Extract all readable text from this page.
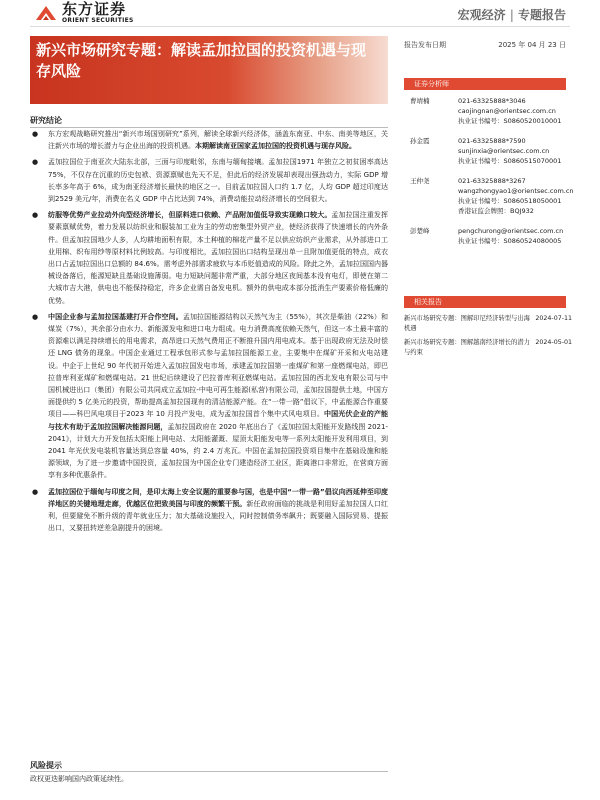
东方证券
ORIENT SECURITIES	宏观经济 | 专题报告
新兴市场研究专题：解读孟加拉国的投资机遇与现存风险
报告发布日期	2025 年 04 月 23 日
证券分析师
曹靖楠	021-63325888*3046
caojingnan@orientsec.com.cn
执业证书编号：S0860520010001
孙金霞	021-63325888*7590
sunjinxia@orientsec.com.cn
执业证书编号：S0860515070001
王仲尧	021-63325888*3267
wangzhongyao1@orientsec.com.cn
执业证书编号：S0860518050001
香港证监会牌照：BQJ932
彭楚峰	pengchurong@orientsec.com.cn
执业证书编号：S0860524080005
相关报告
新兴市场研究专题：图解印尼经济转型与出海机遇
2024-07-11
新兴市场研究专题：图解越南经济增长的潜力与约束
2024-05-01
研究结论
● 东方宏观战略研究推出“新兴市场国别研究”系列，解读全球新兴经济体，涵盖东南亚、中东、南美等地区，关注新兴市场的增长潜力与企业出海的投资机遇。本期解读南亚国家孟加拉国的投资机遇与现存风险。
● 孟加拉国位于南亚次大陆东北部，三面与印度毗邻，东南与缅甸接壤。孟加拉国1971 年独立之初贫困率高达 75%，不仅存在沉重的历史包袱、资源禀赋也先天不足，但此后的经济发展却表现出强劲动力，实际 GDP 增长率多年高于 6%，成为南亚经济增长最快的地区之一。目前孟加拉国人口约 1.7 亿，人均 GDP 超过印度达到2529 美元/年，消费在名义 GDP 中占比达到 74%，消费动能拉动经济增长的空间很大。
● 纺服等优势产业拉动外向型经济增长，但原料进口依赖、产品附加值低导致实现赖口较大。孟加拉国注重发挥要素禀赋优势，着力发展以纺织业和服装加工业为主的劳动密集型外贸产业，使经济获得了快速增长的内外条件。但孟加拉国地少人多，人均耕地面积有限，本土种植的棉花产量不足以供应纺织产业需求，从外部进口工业用棉、织布用纱等原材料比例较高。与印度相比，孟加拉国出口结构呈现出单一且附加值更低的特点，成衣出口占孟加拉国出口总额的 84.6%。需考虑外部需求疲软与本币贬值造成的风险。除此之外，孟加拉国国内器械设备落后，能源短缺且基础设施薄弱。电力短缺问题非常严重，大部分地区夜间基本没有电灯，即使在第二大城市吉大港，供电也不能保持稳定，许多企业需自备发电机。额外的供电成本部分抵消生产要素价格低廉的优势。
● 中国企业参与孟加拉国基建打开合作空间。孟加拉国能源结构以天然气为主（55%），其次是柴油（22%）和煤炭（7%），其余部分由水力、新能源发电和进口电力组成。电力消费高度依赖天然气，但这一本土最丰富的资源难以满足持续增长的用电需求，高昂进口天然气费用正不断推升国内用电成本。基于出现政府无法及时偿还 LNG 债务的现象。中国企业通过工程承包形式参与孟加拉国能源工业，主要集中在煤矿开采和火电站建设。中企于上世纪 90 年代初开始进入孟加拉国发电市场，承建孟加拉国第一座煤矿和第一座燃煤电站，即巴拉普库利亚煤矿和燃煤电站。21 世纪后续建设了巴拉普库利亚燃煤电站。孟加拉国的西北发电有限公司与中国机械进出口（集团）有限公司共同成立孟加拉-中电可再生能源(私营)有限公司，孟加拉国提供土地，中国方面提供约 5 亿美元的投资，帮助提高孟加拉国现有的清洁能源产能。在“一带一路”倡议下，中孟能源合作重要项目——科巴风电项目于2023 年 10 月投产发电，成为孟加拉国首个集中式风电项目。中国光伏企业的产能与技术有助于孟加拉国解决能源问题，孟加拉国政府在 2020 年底出台了《孟加拉国太阳能开发路线图 2021-2041》，计划大力开发包括太阳能上网电站、太阳能灌溉、屋顶太阳能发电等一系列太阳能开发利用项目，到 2041 年光伏发电装机容量达到总容量 40%，约 2.4 万兆瓦。中国在孟加拉国投资项目集中在基础设施和能源领域，为了进一步邀请中国投资，孟加拉国为中国企业专门建造经济工业区，距离港口非常近，在营商方面享有多种优惠条件。
● 孟加拉国位于缅甸与印度之间，是印太海上安全议题的重要参与国，也是中国“一带一路”倡议向西延伸至印度洋地区的关键地理走廊，优越区位把致美国与印度的频繁干预。新任政府面临的挑战是利用好孟加拉国人口红利，但要避免不断升级的青年就业压力；加大基础设施投入，同时控制债务率飙升；既要融入国际贸易、提振出口，又要扭转逆差急剧提升的困境。
风险提示
政权更迭影响国内政策延续性。
